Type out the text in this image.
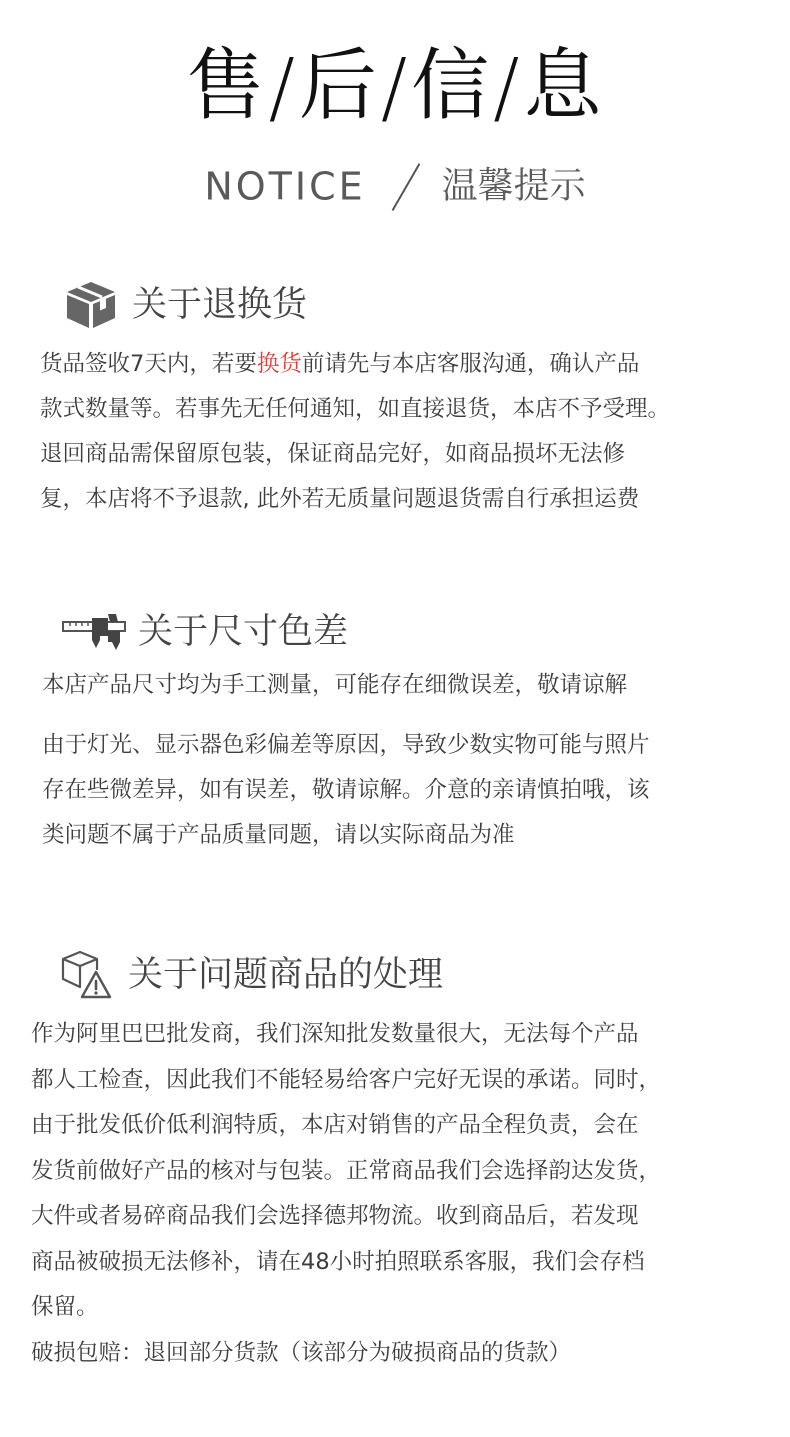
售/后/信/息
NOTICE 温馨提示
关于退换货

货品签收7天内，若要换货前请先与本店客服沟通，确认产品
款式数量等。若事先无任何通知，如直接退货，本店不予受理。
退回商品需保留原包装，保证商品完好，如商品损坏无法修
复，本店将不予退款, 此外若无质量问题退货需自行承担运费

关于尺寸色差

本店产品尺寸均为手工测量，可能存在细微误差，敬请谅解

由于灯光、显示器色彩偏差等原因，导致少数实物可能与照片
存在些微差异，如有误差，敬请谅解。介意的亲请慎拍哦，该
类问题不属于产品质量同题，请以实际商品为准

关于问题商品的处理

作为阿里巴巴批发商，我们深知批发数量很大，无法每个产品
都人工检查，因此我们不能轻易给客户完好无误的承诺。同时，
由于批发低价低利润特质，本店对销售的产品全程负责，会在
发货前做好产品的核对与包装。正常商品我们会选择韵达发货，
大件或者易碎商品我们会选择德邦物流。收到商品后，若发现
商品被破损无法修补，请在48小时拍照联系客服，我们会存档
保留。
破损包赔：退回部分货款（该部分为破损商品的货款）
